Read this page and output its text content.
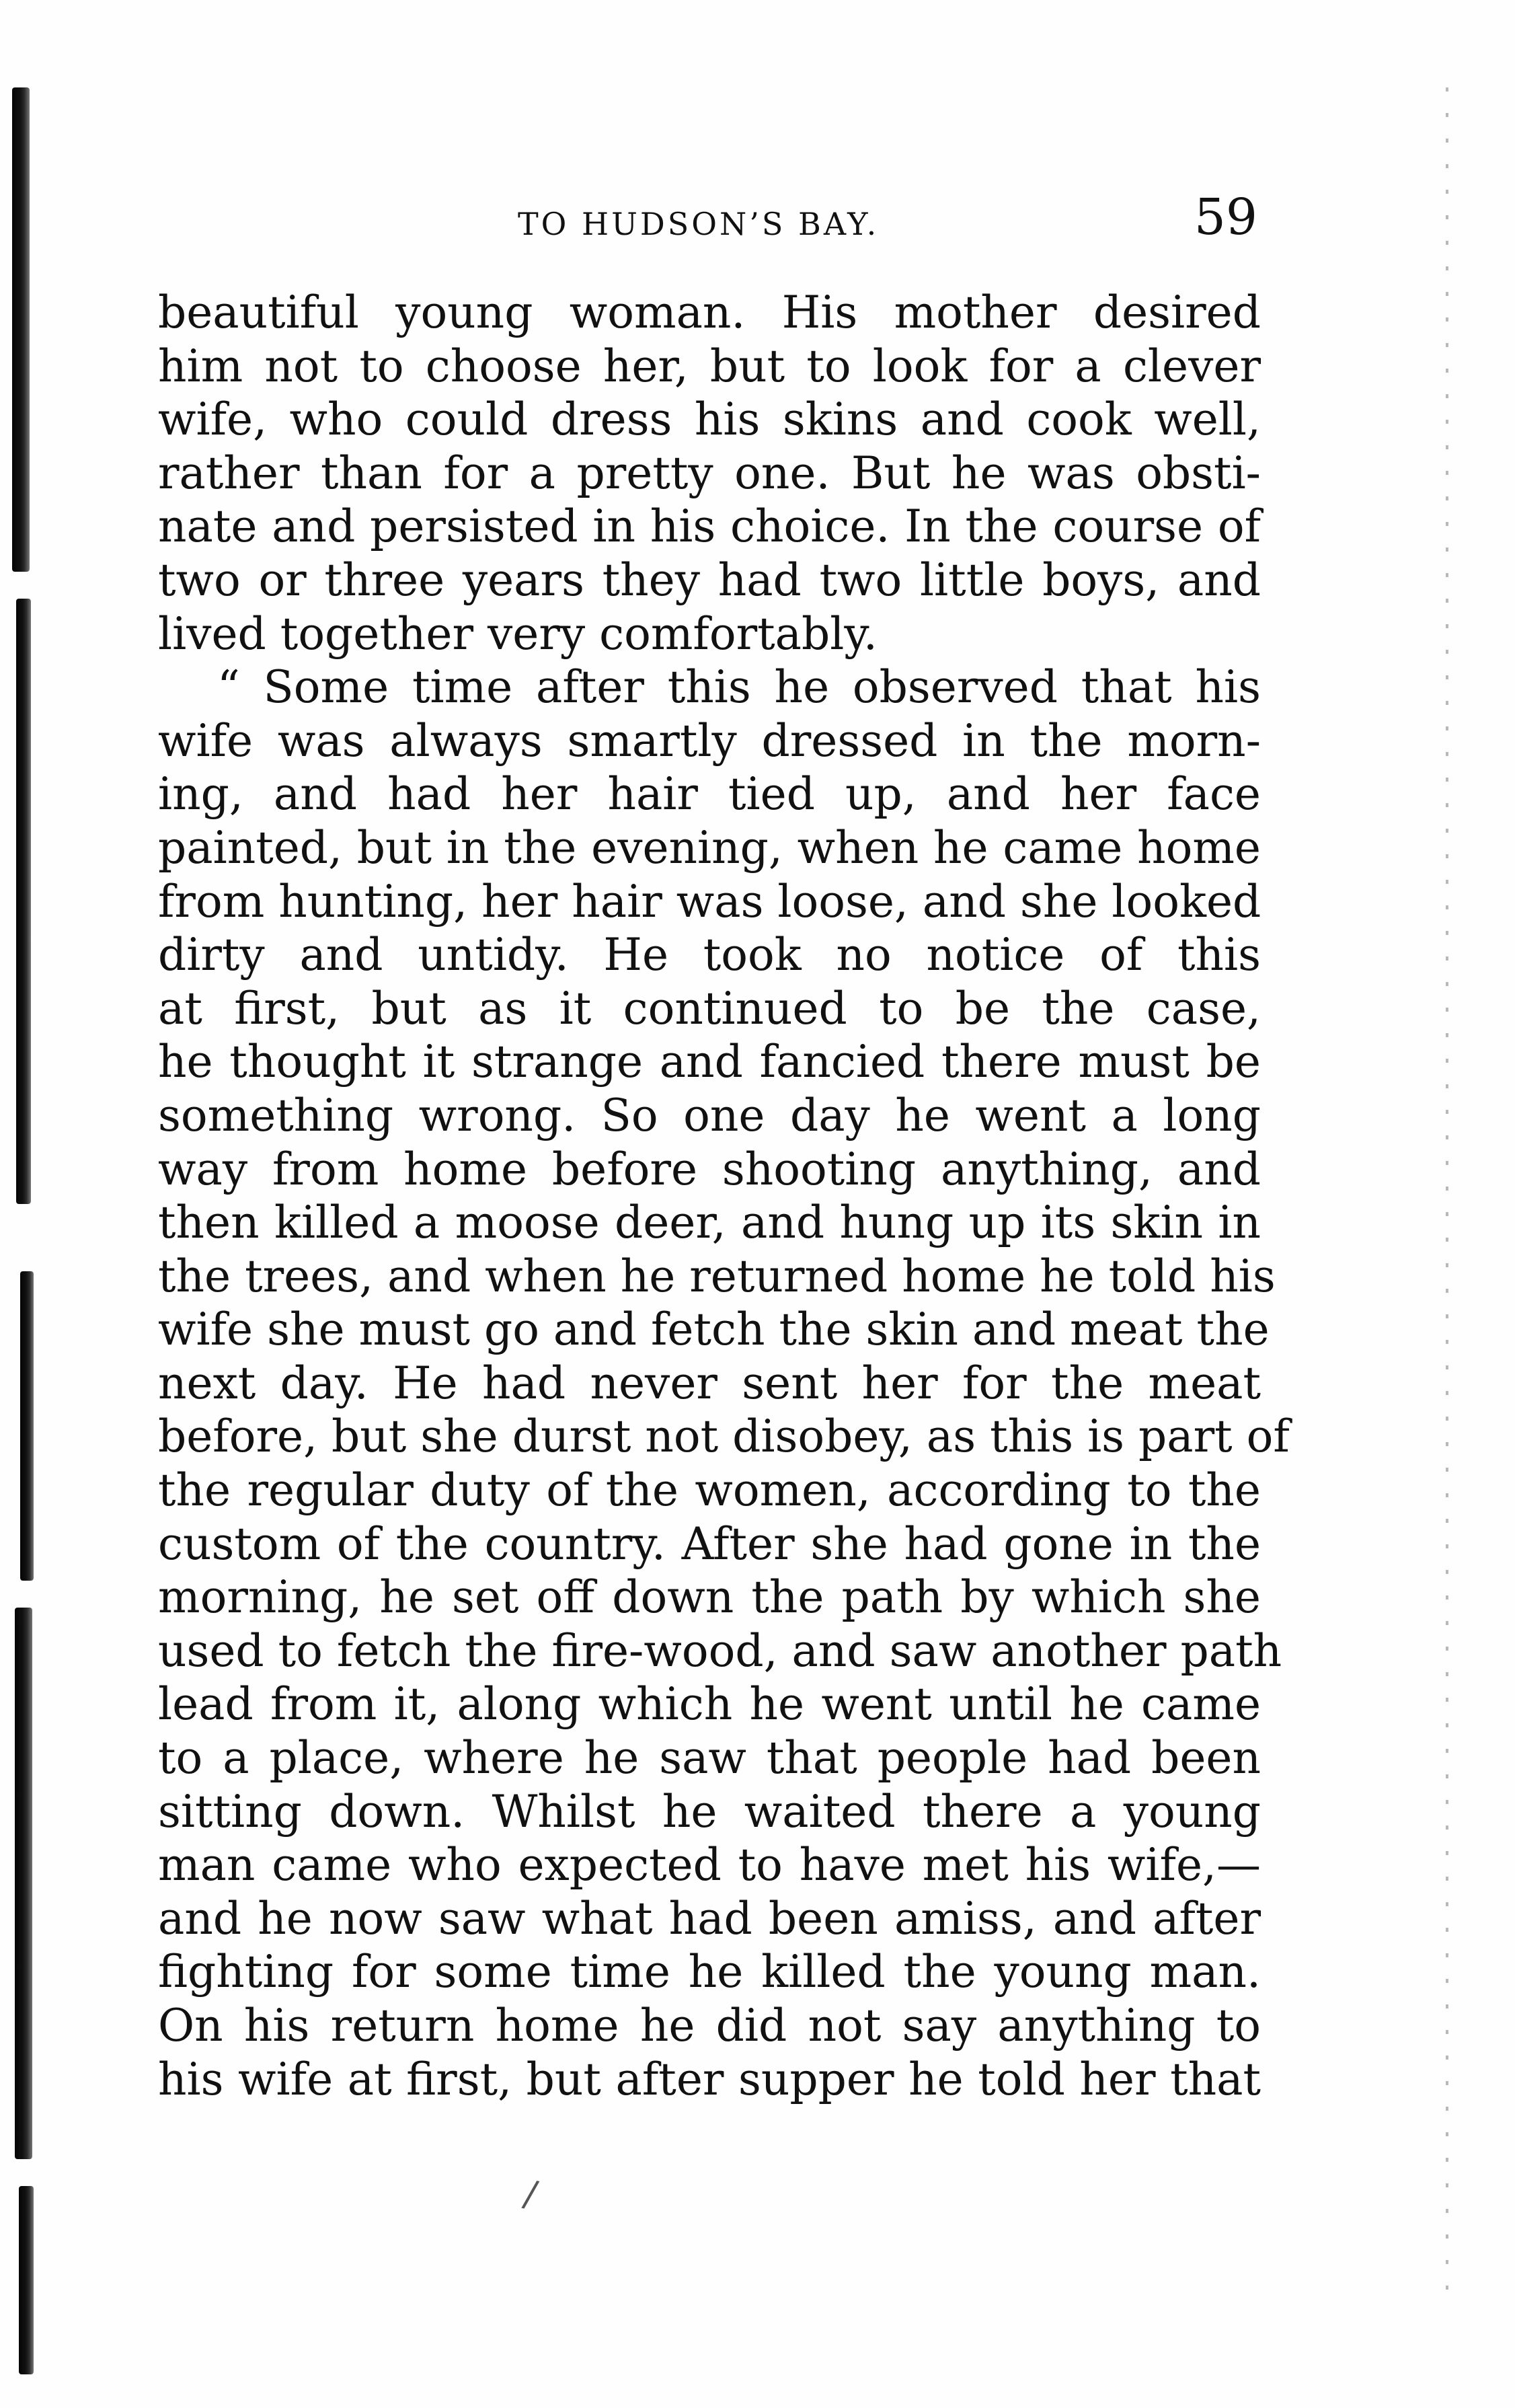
TO HUDSON’S BAY.	59
beautiful young woman. His mother desired
him not to choose her, but to look for a clever
wife, who could dress his skins and cook well,
rather than for a pretty one. But he was obsti-
nate and persisted in his choice. In the course of
two or three years they had two little boys, and
lived together very comfortably.
“ Some time after this he observed that his
wife was always smartly dressed in the morn-
ing, and had her hair tied up, and her face
painted, but in the evening, when he came home
from hunting, her hair was loose, and she looked
dirty and untidy. He took no notice of this
at first, but as it continued to be the case,
he thought it strange and fancied there must be
something wrong. So one day he went a long
way from home before shooting anything, and
then killed a moose deer, and hung up its skin in
the trees, and when he returned home he told his
wife she must go and fetch the skin and meat the
next day. He had never sent her for the meat
before, but she durst not disobey, as this is part of
the regular duty of the women, according to the
custom of the country. After she had gone in the
morning, he set off down the path by which she
used to fetch the fire-wood, and saw another path
lead from it, along which he went until he came
to a place, where he saw that people had been
sitting down. Whilst he waited there a young
man came who expected to have met his wife,—
and he now saw what had been amiss, and after
fighting for some time he killed the young man.
On his return home he did not say anything to
his wife at first, but after supper he told her that
/
